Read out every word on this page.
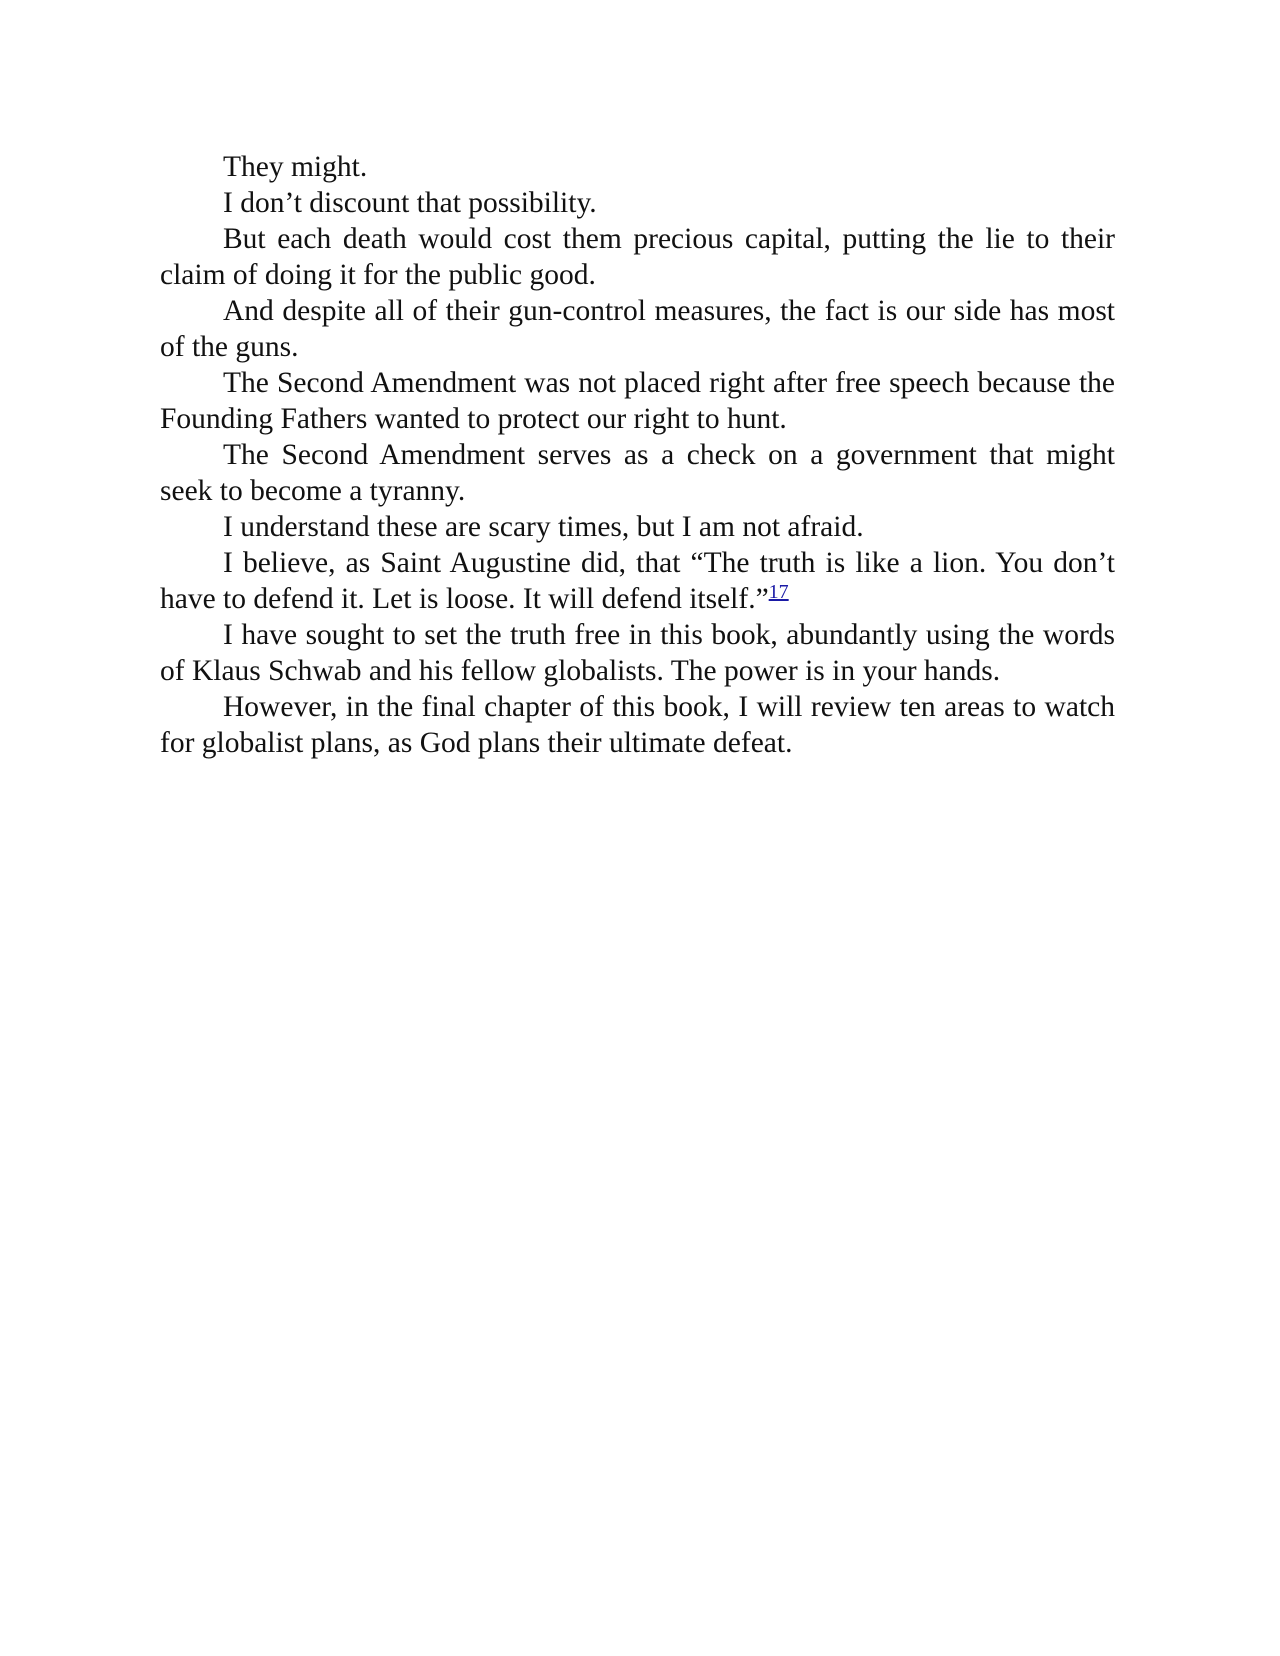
They might.

I don’t discount that possibility.

But each death would cost them precious capital, putting the lie to their claim of doing it for the public good.

And despite all of their gun-control measures, the fact is our side has most of the guns.

The Second Amendment was not placed right after free speech because the Founding Fathers wanted to protect our right to hunt.

The Second Amendment serves as a check on a government that might seek to become a tyranny.

I understand these are scary times, but I am not afraid.

I believe, as Saint Augustine did, that “The truth is like a lion. You don’t have to defend it. Let is loose. It will defend itself.”$^{17}$

I have sought to set the truth free in this book, abundantly using the words of Klaus Schwab and his fellow globalists. The power is in your hands.

However, in the final chapter of this book, I will review ten areas to watch for globalist plans, as God plans their ultimate defeat.
